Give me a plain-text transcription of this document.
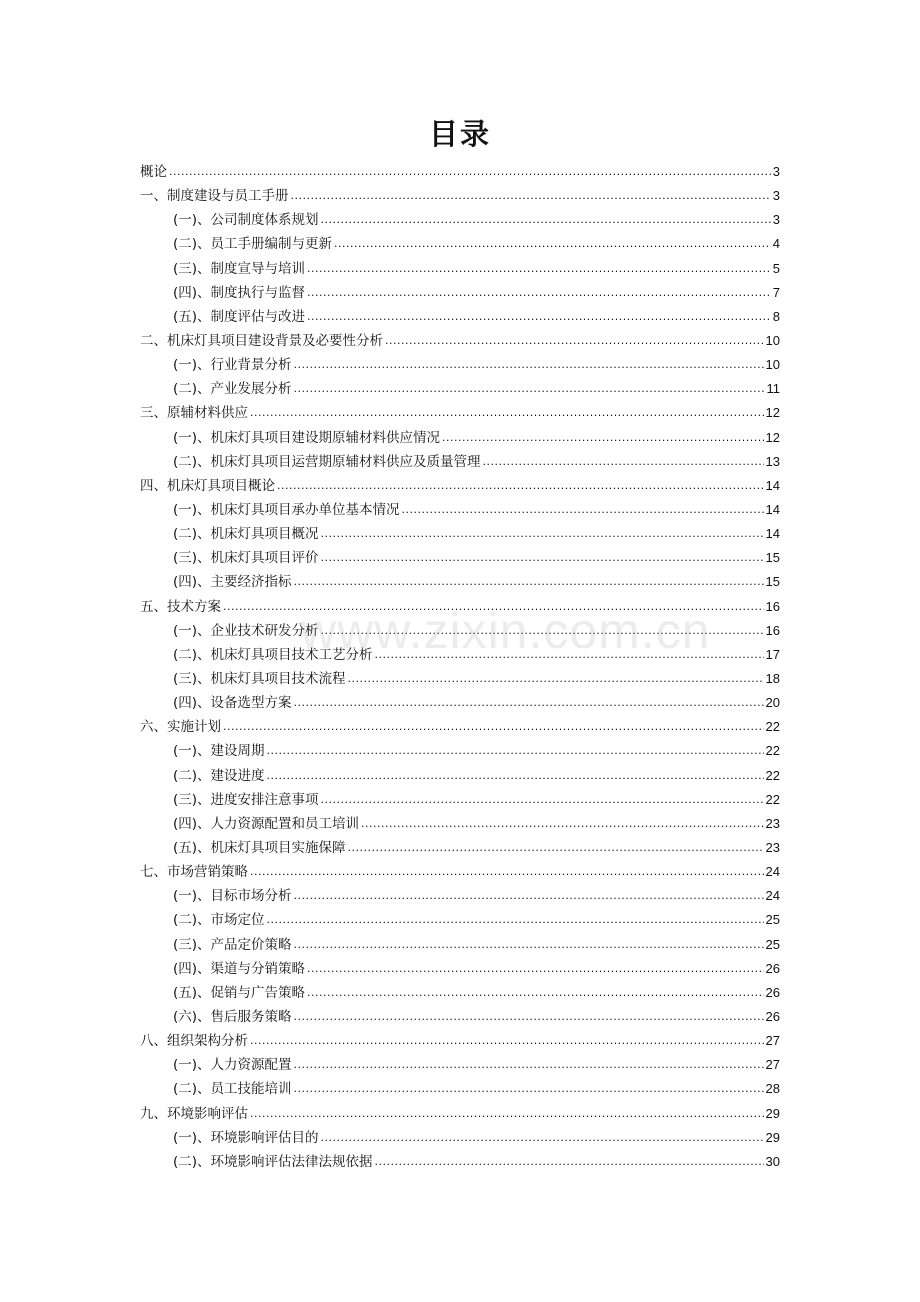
目录
概论 .....	3
一、制度建设与员工手册 .....	3
(一)、公司制度体系规划 .....	3
(二)、员工手册编制与更新 .....	4
(三)、制度宣导与培训 .....	5
(四)、制度执行与监督 .....	7
(五)、制度评估与改进 .....	8
二、机床灯具项目建设背景及必要性分析 .....	10
(一)、行业背景分析 .....	10
(二)、产业发展分析 .....	11
三、原辅材料供应 .....	12
(一)、机床灯具项目建设期原辅材料供应情况 .....	12
(二)、机床灯具项目运营期原辅材料供应及质量管理 .....	13
四、机床灯具项目概论 .....	14
(一)、机床灯具项目承办单位基本情况 .....	14
(二)、机床灯具项目概况 .....	14
(三)、机床灯具项目评价 .....	15
(四)、主要经济指标 .....	15
五、技术方案 .....	16
(一)、企业技术研发分析 .....	16
(二)、机床灯具项目技术工艺分析 .....	17
(三)、机床灯具项目技术流程 .....	18
(四)、设备选型方案 .....	20
六、实施计划 .....	22
(一)、建设周期 .....	22
(二)、建设进度 .....	22
(三)、进度安排注意事项 .....	22
(四)、人力资源配置和员工培训 .....	23
(五)、机床灯具项目实施保障 .....	23
七、市场营销策略 .....	24
(一)、目标市场分析 .....	24
(二)、市场定位 .....	25
(三)、产品定价策略 .....	25
(四)、渠道与分销策略 .....	26
(五)、促销与广告策略 .....	26
(六)、售后服务策略 .....	26
八、组织架构分析 .....	27
(一)、人力资源配置 .....	27
(二)、员工技能培训 .....	28
九、环境影响评估 .....	29
(一)、环境影响评估目的 .....	29
(二)、环境影响评估法律法规依据 .....	30
www.zixin.com.cn
